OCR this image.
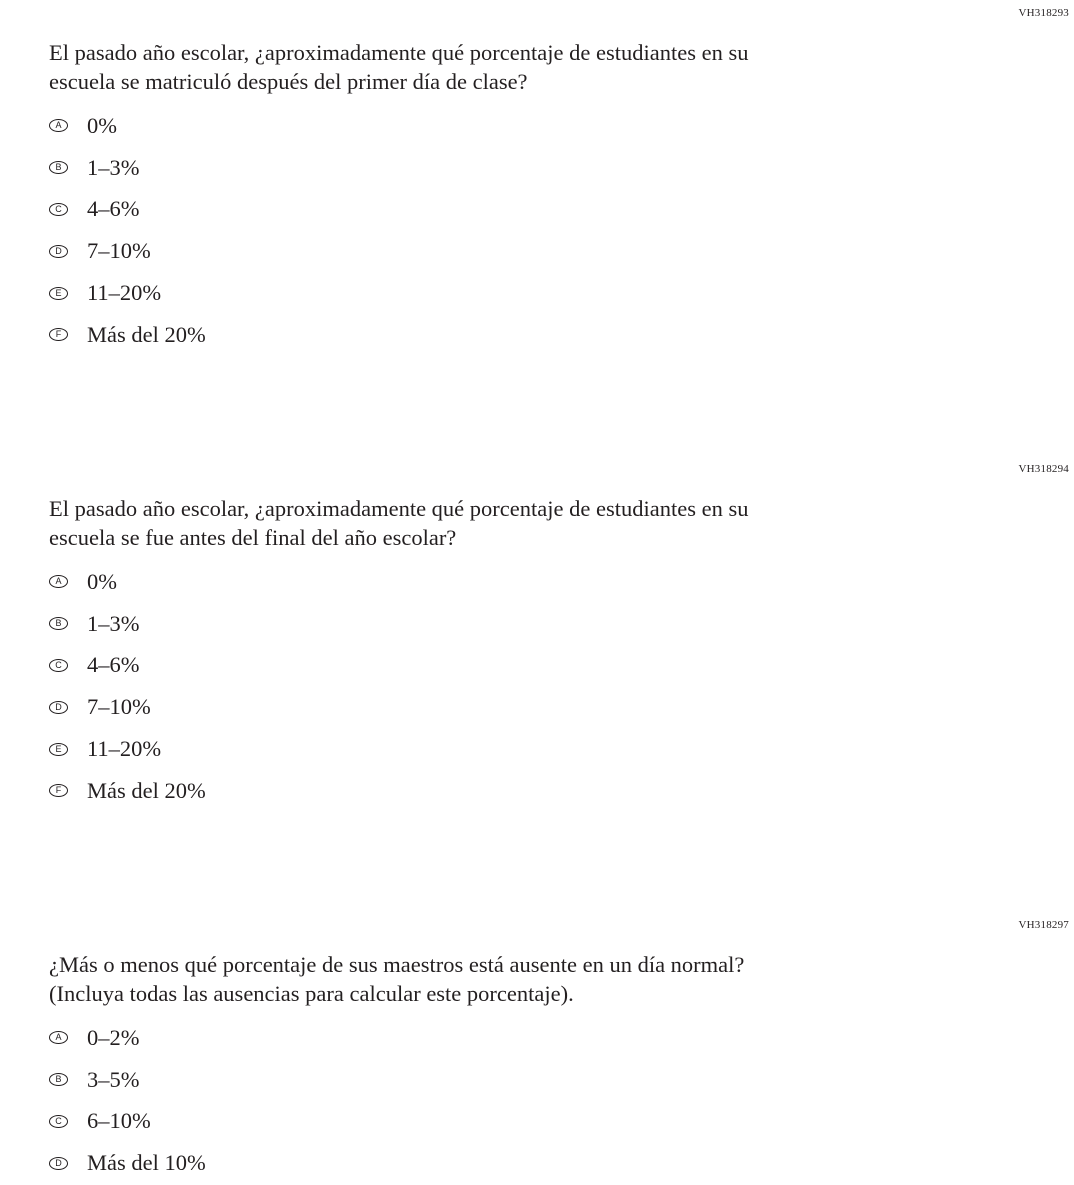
VH318293
El pasado año escolar, ¿aproximadamente qué porcentaje de estudiantes en su
escuela se matriculó después del primer día de clase?
A 0%
B 1–3%
C 4–6%
D 7–10%
E 11–20%
F	Más del 20%
VH318294
El pasado año escolar, ¿aproximadamente qué porcentaje de estudiantes en su
escuela se fue antes del final del año escolar?
A 0%
B 1–3%
C 4–6%
D 7–10%
E 11–20%
F	Más del 20%
VH318297
¿Más o menos qué porcentaje de sus maestros está ausente en un día normal?
(Incluya todas las ausencias para calcular este porcentaje).
A 0–2%
B 3–5%
C 6–10%
D Más del 10%
